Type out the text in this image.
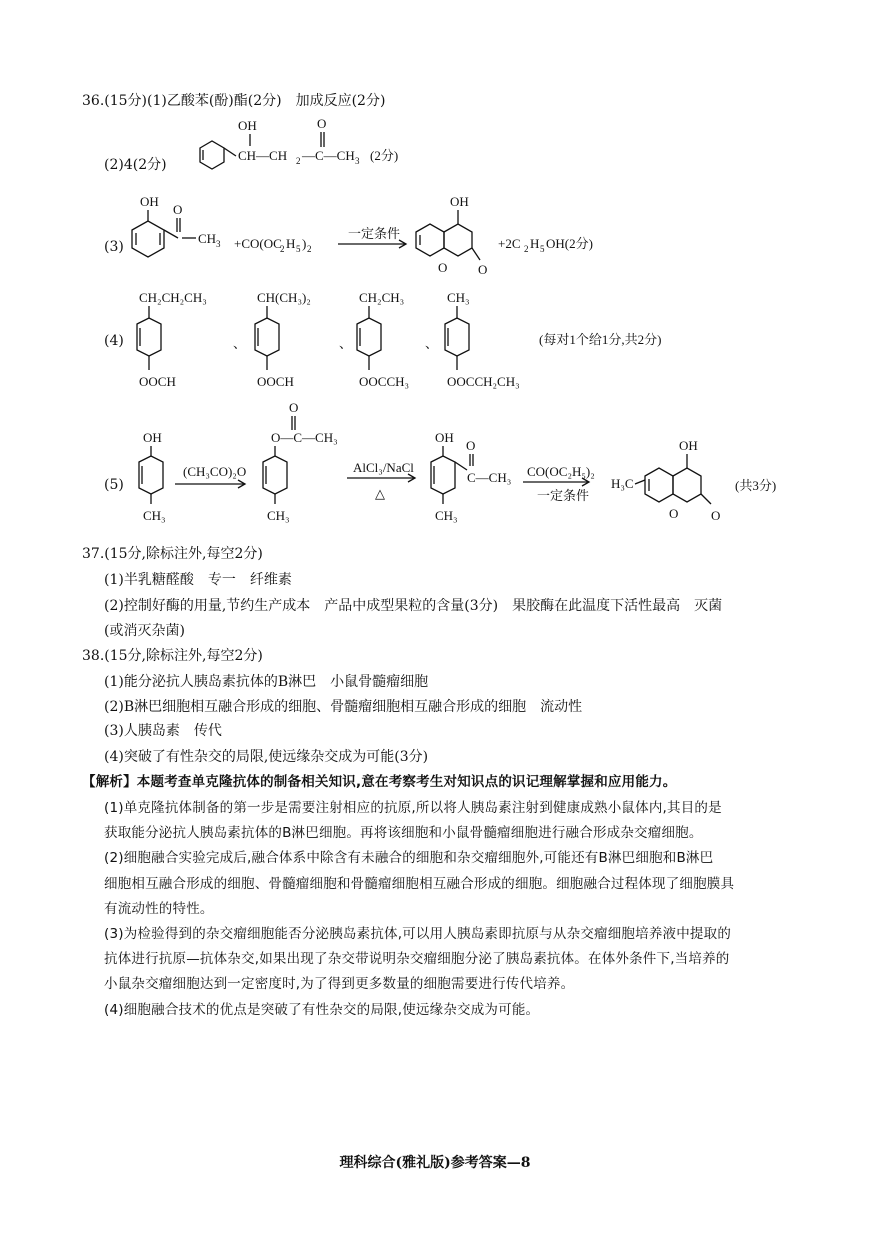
36.(15分)(1)乙酸苯(酚)酯(2分)　加成反应(2分)
(2)4(2分)
OH
CH—CH 2 —C—CH 3
O
(2分)
(3)
OH
O
CH 3 +CO(OC
2 H 5 ) 2
一定条件
OH
O O
+2C 2 H 5 OH(2分)
(4)
CH₂CH₂CH₃
OOCH
、
CH(CH₃)₂
OOCH
、
CH₂CH₃
OOCCH₃
、
CH₃
OOCCH₂CH₃
(每对1个给1分,共2分)
(5)
OH
CH₃
(CH₃CO)₂O
O—C—CH₃
O
CH₃
AlCl₃/NaCl
△
OH
O
C—CH₃
CH₃
CO(OC₂H₅)₂
一定条件
H₃C
OH
O	O
(共3分)
37.(15分,除标注外,每空2分)
(1)半乳糖醛酸　专一　纤维素
(2)控制好酶的用量,节约生产成本　产品中成型果粒的含量(3分)　果胶酶在此温度下活性最高　灭菌
(或消灭杂菌)
38.(15分,除标注外,每空2分)
(1)能分泌抗人胰岛素抗体的B淋巴　小鼠骨髓瘤细胞
(2)B淋巴细胞相互融合形成的细胞、骨髓瘤细胞相互融合形成的细胞　流动性
(3)人胰岛素　传代
(4)突破了有性杂交的局限,使远缘杂交成为可能(3分)
【解析】本题考查单克隆抗体的制备相关知识,意在考察考生对知识点的识记理解掌握和应用能力。
(1)单克隆抗体制备的第一步是需要注射相应的抗原,所以将人胰岛素注射到健康成熟小鼠体内,其目的是
获取能分泌抗人胰岛素抗体的B淋巴细胞。再将该细胞和小鼠骨髓瘤细胞进行融合形成杂交瘤细胞。
(2)细胞融合实验完成后,融合体系中除含有未融合的细胞和杂交瘤细胞外,可能还有B淋巴细胞和B淋巴
细胞相互融合形成的细胞、骨髓瘤细胞和骨髓瘤细胞相互融合形成的细胞。细胞融合过程体现了细胞膜具
有流动性的特性。
(3)为检验得到的杂交瘤细胞能否分泌胰岛素抗体,可以用人胰岛素即抗原与从杂交瘤细胞培养液中提取的
抗体进行抗原—抗体杂交,如果出现了杂交带说明杂交瘤细胞分泌了胰岛素抗体。在体外条件下,当培养的
小鼠杂交瘤细胞达到一定密度时,为了得到更多数量的细胞需要进行传代培养。
(4)细胞融合技术的优点是突破了有性杂交的局限,使远缘杂交成为可能。
理科综合(雅礼版)参考答案—8
